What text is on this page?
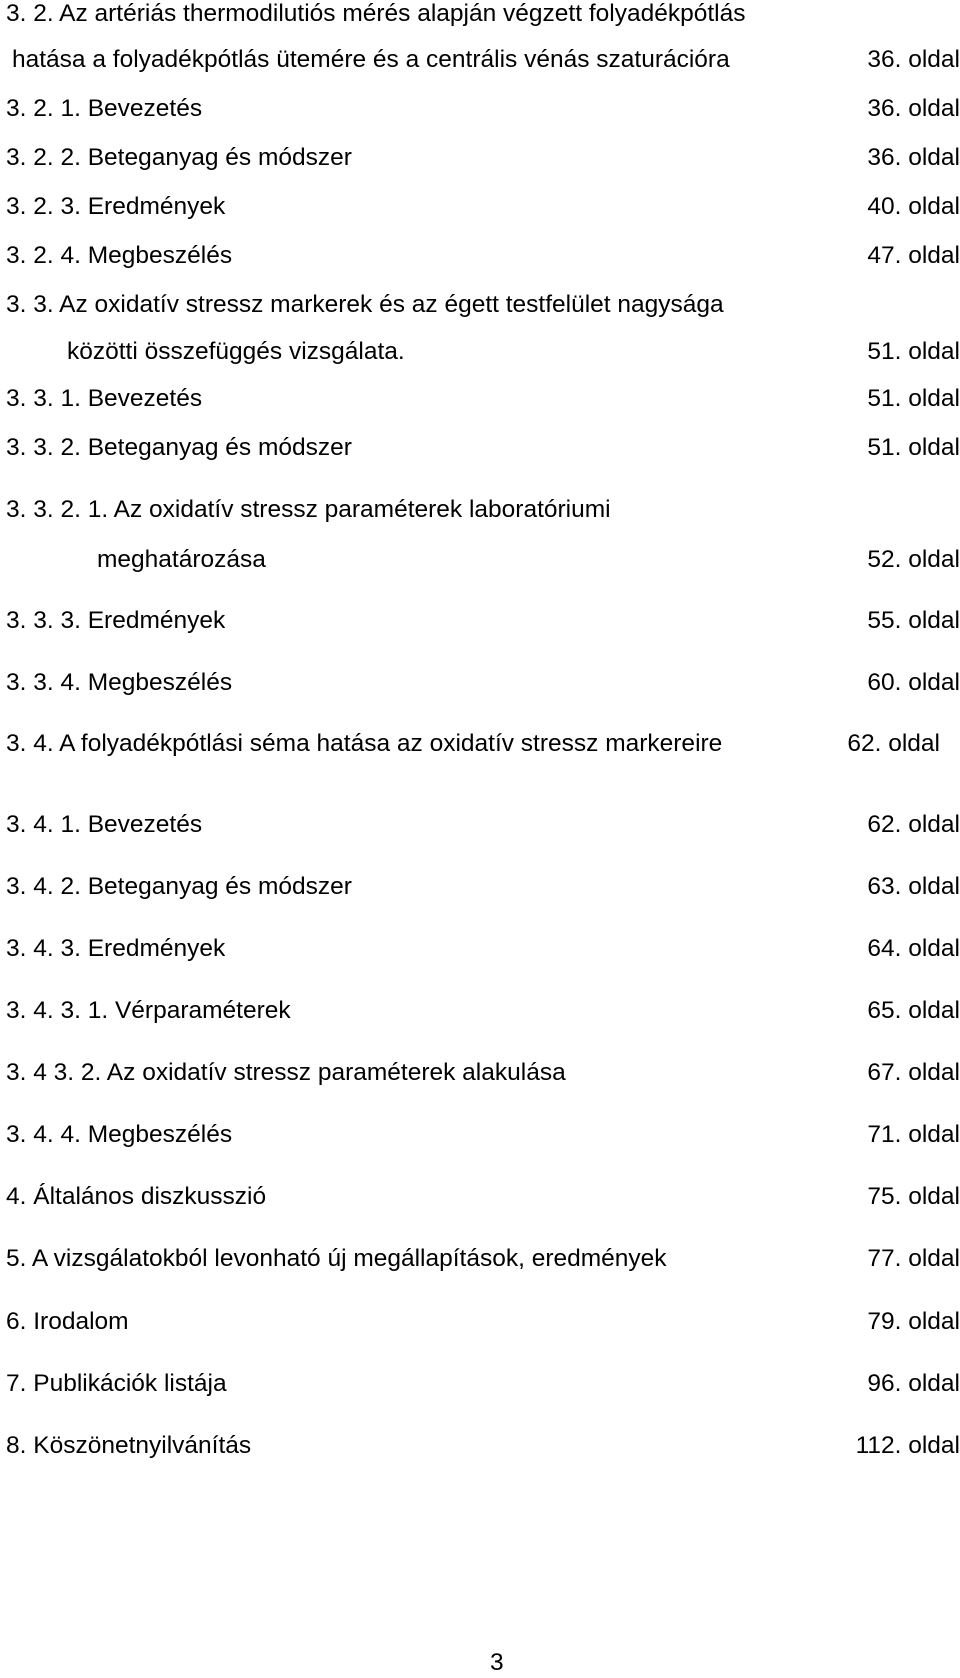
3. 2. Az artériás thermodilutiós mérés alapján végzett folyadékpótlás
hatása a folyadékpótlás ütemére és a centrális vénás szaturációra	36. oldal
3. 2. 1. Bevezetés	36. oldal
3. 2. 2. Beteganyag és módszer	36. oldal
3. 2. 3. Eredmények	40. oldal
3. 2. 4. Megbeszélés	47. oldal
3. 3. Az oxidatív stressz markerek és az égett testfelület nagysága
közötti összefüggés vizsgálata.	51. oldal
3. 3. 1. Bevezetés	51. oldal
3. 3. 2. Beteganyag és módszer	51. oldal
3. 3. 2. 1. Az oxidatív stressz paraméterek laboratóriumi
meghatározása	52. oldal
3. 3. 3. Eredmények	55. oldal
3. 3. 4. Megbeszélés	60. oldal
3. 4. A folyadékpótlási séma hatása az oxidatív stressz markereire	62. oldal
3. 4. 1. Bevezetés	62. oldal
3. 4. 2. Beteganyag és módszer	63. oldal
3. 4. 3. Eredmények	64. oldal
3. 4. 3. 1. Vérparaméterek	65. oldal
3. 4 3. 2. Az oxidatív stressz paraméterek alakulása	67. oldal
3. 4. 4. Megbeszélés	71. oldal
4. Általános diszkusszió	75. oldal
5. A vizsgálatokból levonható új megállapítások, eredmények	77. oldal
6. Irodalom	79. oldal
7. Publikációk listája	96. oldal
8. Köszönetnyilvánítás	112. oldal
3
